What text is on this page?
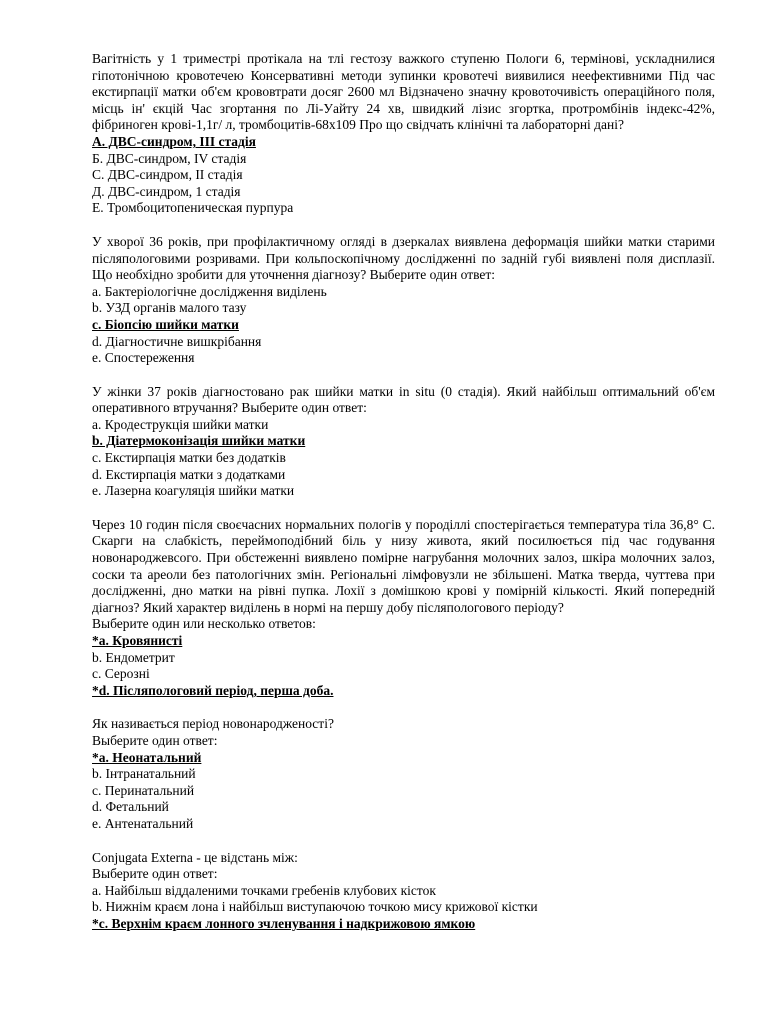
Вагітність у 1 триместрі протікала на тлі гестозу важкого ступеню Пологи 6, термінові, ускладнилися гіпотонічною кровотечею Консервативні методи зупинки кровотечі виявилися неефективними Під час екстирпації матки об'єм крововтрати досяг 2600 мл Відзначено значну кровоточивість операційного поля, місць ін' єкцій Час згортання по Лі-Уайту 24 хв, швидкий лізис згортка, протромбінів індекс-42%, фібриноген крові-1,1г/ л, тромбоцитів-68х109 Про що свідчать клінічні та лабораторні дані?

А. ДВС-синдром, III стадія
Б. ДВС-синдром, IV стадія
С. ДВС-синдром, II стадія
Д. ДВС-синдром, 1 стадія
Е. Тромбоцитопеническая пурпура

У хворої 36 років, при профілактичному огляді в дзеркалах виявлена деформація шийки матки старими післяпологовими розривами. При кольпоскопічному дослідженні по задній губі виявлені поля дисплазії. Що необхідно зробити для уточнення діагнозу? Выберите один ответ:

a. Бактеріологічне дослідження виділень
b. УЗД органів малого тазу
c. Біопсію шийки матки
d. Діагностичне вишкрібання
e. Спостереження

У жінки 37 років діагностовано рак шийки матки in situ (0 стадія). Який найбільш оптимальний об'єм оперативного втручання? Выберите один ответ:

a. Кродеструкція шийки матки
b. Діатермоконізація шийки матки
c. Екстирпація матки без додатків
d. Екстирпація матки з додатками
e. Лазерна коагуляція шийки матки

Через 10 годин після своєчасних нормальних пологів у породіллі спостерігається температура тіла 36,8° С. Скарги на слабкість, переймоподібний біль у низу живота, який посилюється під час годування новонароджевсого. При обстеженні виявлено помірне нагрубання молочних залоз, шкіра молочних залоз, соски та ареоли без патологічних змін. Регіональні лімфовузли не збільшені. Матка тверда, чуттева при дослідженні, дно матки на рівні пупка. Лохії з домішкою крові у помірній кількості. Який попередній діагноз? Який характер виділень в нормі на першу добу післяпологового періоду?

Выберите один или несколько ответов:

*a. Кровянисті
b. Ендометрит
c. Серозні
*d. Післяпологовий період, перша доба.

Як називається період новонародженості?

Выберите один ответ:

*a. Неонатальний
b. Інтранатальний
c. Перинатальний
d. Фетальний
e. Антенатальний

Conjugata Externa - це відстань між:

Выберите один ответ:

a. Найбільш віддаленими точками гребенів клубових кісток
b. Нижнім краєм лона і найбільш виступаючою точкою мису крижової кістки
*c. Верхнім краєм лонного зчленування і надкрижовою ямкою
